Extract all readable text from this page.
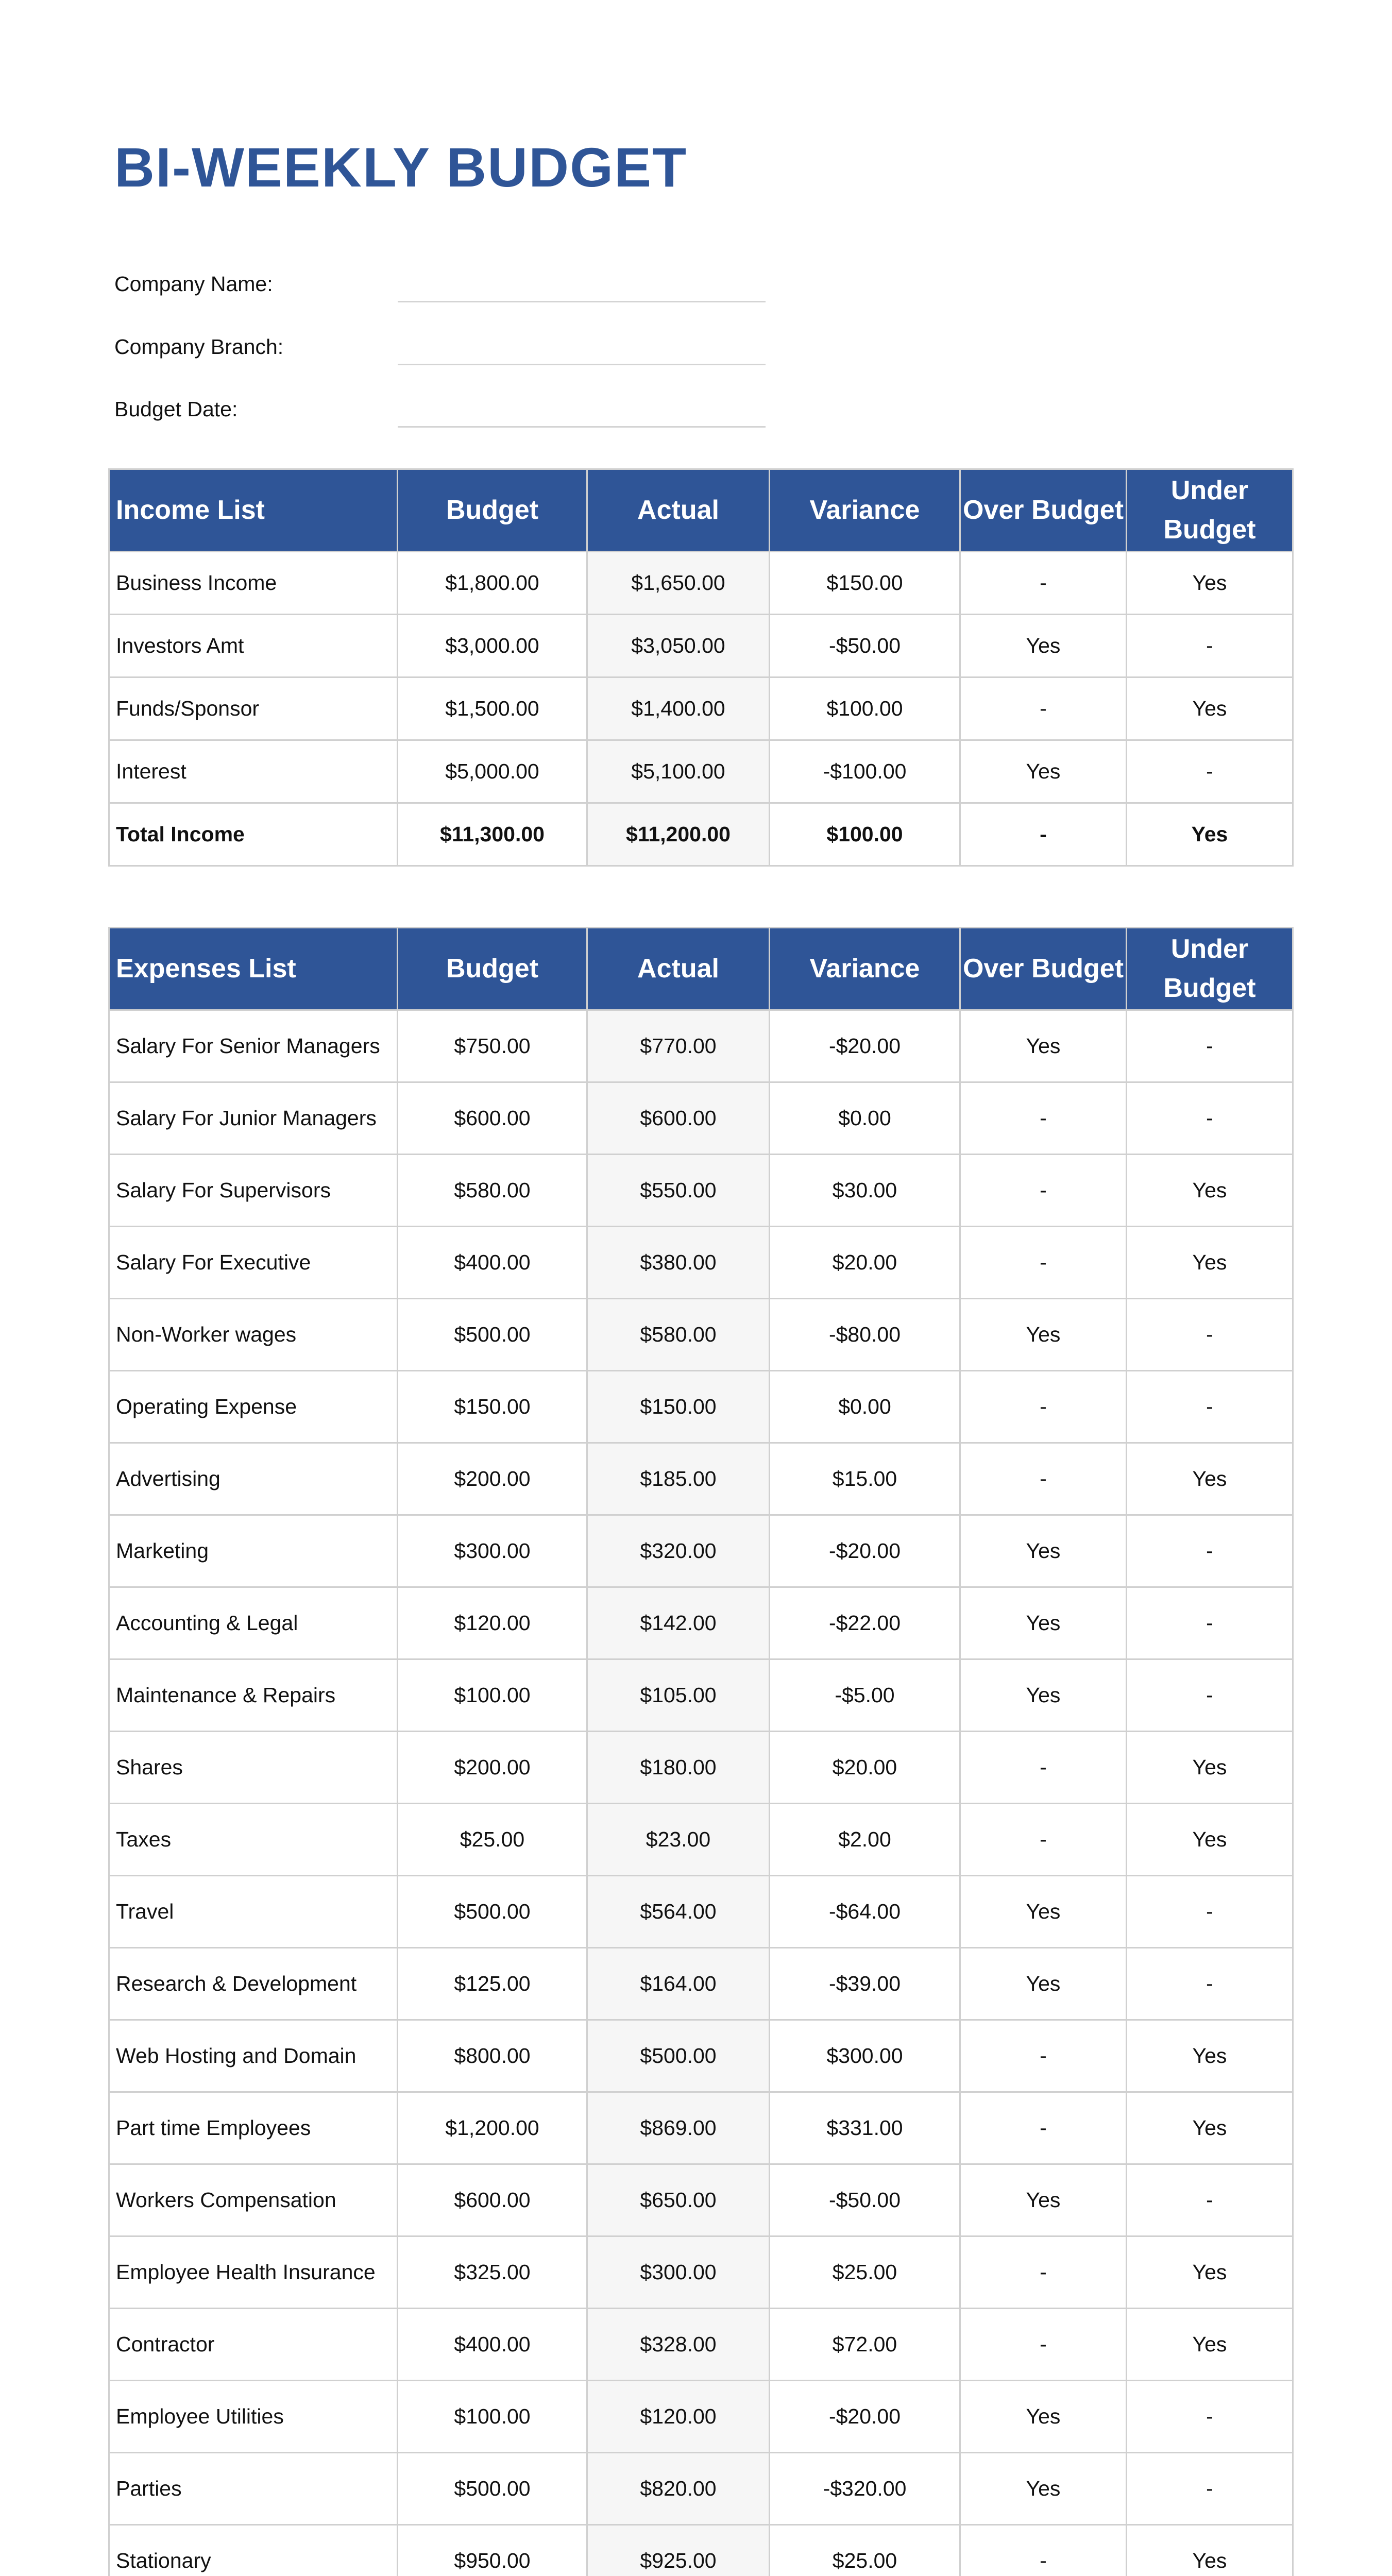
BI-WEEKLY BUDGET
Company Name:
Company Branch:
Budget Date:
Income List	Budget	Actual	Variance	Over Budget	Under Budget
Business Income	$1,800.00	$1,650.00	$150.00	-	Yes
Investors Amt	$3,000.00	$3,050.00	-$50.00	Yes	-
Funds/Sponsor	$1,500.00	$1,400.00	$100.00	-	Yes
Interest	$5,000.00	$5,100.00	-$100.00	Yes	-
Total Income	$11,300.00	$11,200.00	$100.00	-	Yes
Expenses List	Budget	Actual	Variance	Over Budget	Under Budget
Salary For Senior Managers	$750.00	$770.00	-$20.00	Yes	-
Salary For Junior Managers	$600.00	$600.00	$0.00	-	-
Salary For Supervisors	$580.00	$550.00	$30.00	-	Yes
Salary For Executive	$400.00	$380.00	$20.00	-	Yes
Non-Worker wages	$500.00	$580.00	-$80.00	Yes	-
Operating Expense	$150.00	$150.00	$0.00	-	-
Advertising	$200.00	$185.00	$15.00	-	Yes
Marketing	$300.00	$320.00	-$20.00	Yes	-
Accounting & Legal	$120.00	$142.00	-$22.00	Yes	-
Maintenance & Repairs	$100.00	$105.00	-$5.00	Yes	-
Shares	$200.00	$180.00	$20.00	-	Yes
Taxes	$25.00	$23.00	$2.00	-	Yes
Travel	$500.00	$564.00	-$64.00	Yes	-
Research & Development	$125.00	$164.00	-$39.00	Yes	-
Web Hosting and Domain	$800.00	$500.00	$300.00	-	Yes
Part time Employees	$1,200.00	$869.00	$331.00	-	Yes
Workers Compensation	$600.00	$650.00	-$50.00	Yes	-
Employee Health Insurance	$325.00	$300.00	$25.00	-	Yes
Contractor	$400.00	$328.00	$72.00	-	Yes
Employee Utilities	$100.00	$120.00	-$20.00	Yes	-
Parties	$500.00	$820.00	-$320.00	Yes	-
Stationary	$950.00	$925.00	$25.00	-	Yes
